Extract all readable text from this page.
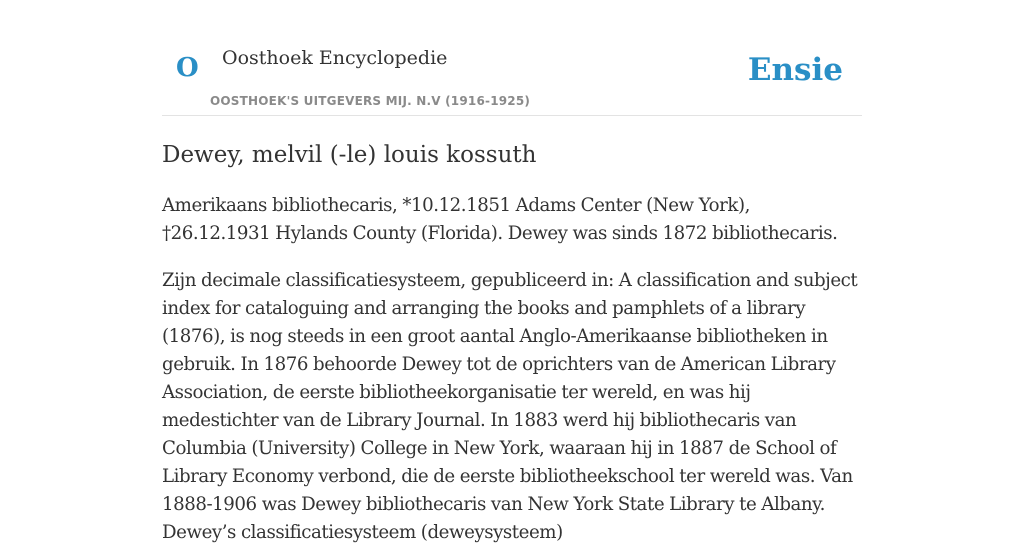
O Oosthoek Encyclopedie
OOSTHOEK'S UITGEVERS MIJ. N.V (1916-1925)
Ensie
Dewey, melvil (-le) louis kossuth

Amerikaans bibliothecaris, *10.12.1851 Adams Center (New York), †26.12.1931 Hylands County (Florida). Dewey was sinds 1872 bibliothecaris.

Zijn decimale classificatiesysteem, gepubliceerd in: A classification and subject index for cataloguing and arranging the books and pamphlets of a library (1876), is nog steeds in een groot aantal Anglo-Amerikaanse bibliotheken in gebruik. In 1876 behoorde Dewey tot de oprichters van de American Library Association, de eerste bibliotheekorganisatie ter wereld, en was hij medestichter van de Library Journal. In 1883 werd hij bibliothecaris van Columbia (University) College in New York, waaraan hij in 1887 de School of Library Economy verbond, die de eerste bibliotheekschool ter wereld was. Van 1888-1906 was Dewey bibliothecaris van New York State Library te Albany. Dewey’s classificatiesysteem (deweysysteem)
